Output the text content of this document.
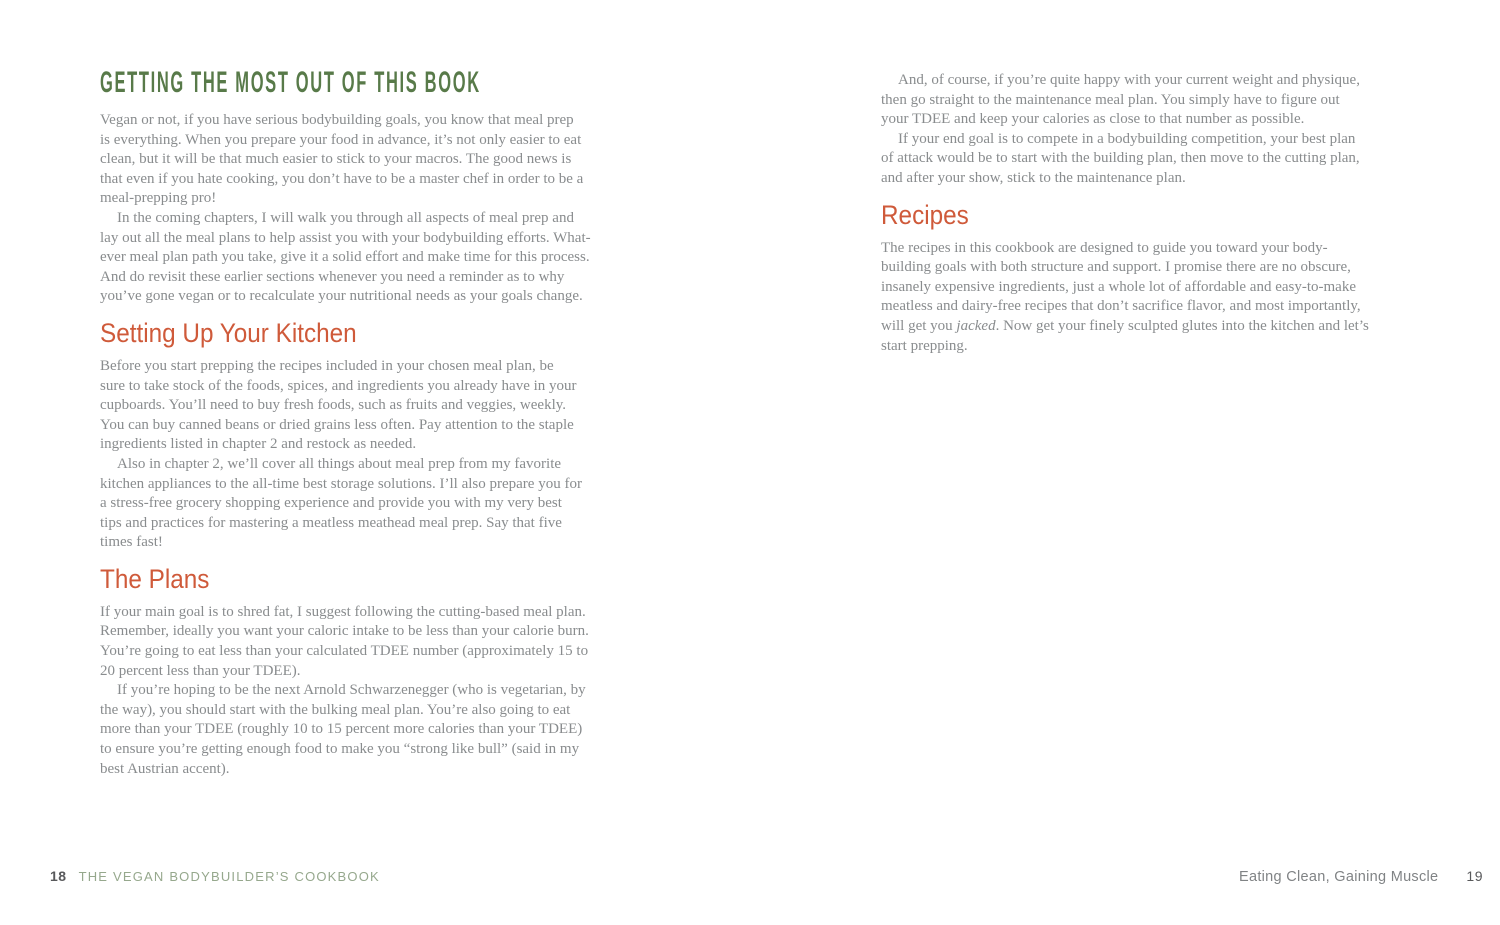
GETTING THE MOST OUT OF THIS BOOK

Vegan or not, if you have serious bodybuilding goals, you know that meal prep
is everything. When you prepare your food in advance, it’s not only easier to eat
clean, but it will be that much easier to stick to your macros. The good news is
that even if you hate cooking, you don’t have to be a master chef in order to be a
meal-prepping pro!

In the coming chapters, I will walk you through all aspects of meal prep and
lay out all the meal plans to help assist you with your bodybuilding efforts. What-
ever meal plan path you take, give it a solid effort and make time for this process.
And do revisit these earlier sections whenever you need a reminder as to why
you’ve gone vegan or to recalculate your nutritional needs as your goals change.

Setting Up Your Kitchen

Before you start prepping the recipes included in your chosen meal plan, be
sure to take stock of the foods, spices, and ingredients you already have in your
cupboards. You’ll need to buy fresh foods, such as fruits and veggies, weekly.
You can buy canned beans or dried grains less often. Pay attention to the staple
ingredients listed in chapter 2 and restock as needed.

Also in chapter 2, we’ll cover all things about meal prep from my favorite
kitchen appliances to the all-time best storage solutions. I’ll also prepare you for
a stress-free grocery shopping experience and provide you with my very best
tips and practices for mastering a meatless meathead meal prep. Say that five
times fast!

The Plans

If your main goal is to shred fat, I suggest following the cutting-based meal plan.
Remember, ideally you want your caloric intake to be less than your calorie burn.
You’re going to eat less than your calculated TDEE number (approximately 15 to
20 percent less than your TDEE).

If you’re hoping to be the next Arnold Schwarzenegger (who is vegetarian, by
the way), you should start with the bulking meal plan. You’re also going to eat
more than your TDEE (roughly 10 to 15 percent more calories than your TDEE)
to ensure you’re getting enough food to make you “strong like bull” (said in my
best Austrian accent).

And, of course, if you’re quite happy with your current weight and physique,
then go straight to the maintenance meal plan. You simply have to figure out
your TDEE and keep your calories as close to that number as possible.

If your end goal is to compete in a bodybuilding competition, your best plan
of attack would be to start with the building plan, then move to the cutting plan,
and after your show, stick to the maintenance plan.

Recipes

The recipes in this cookbook are designed to guide you toward your body-
building goals with both structure and support. I promise there are no obscure,
insanely expensive ingredients, just a whole lot of affordable and easy-to-make
meatless and dairy-free recipes that don’t sacrifice flavor, and most importantly,
will get you jacked. Now get your finely sculpted glutes into the kitchen and let’s
start prepping.

18 THE VEGAN BODYBUILDER’S COOKBOOK	Eating Clean, Gaining Muscle 19
